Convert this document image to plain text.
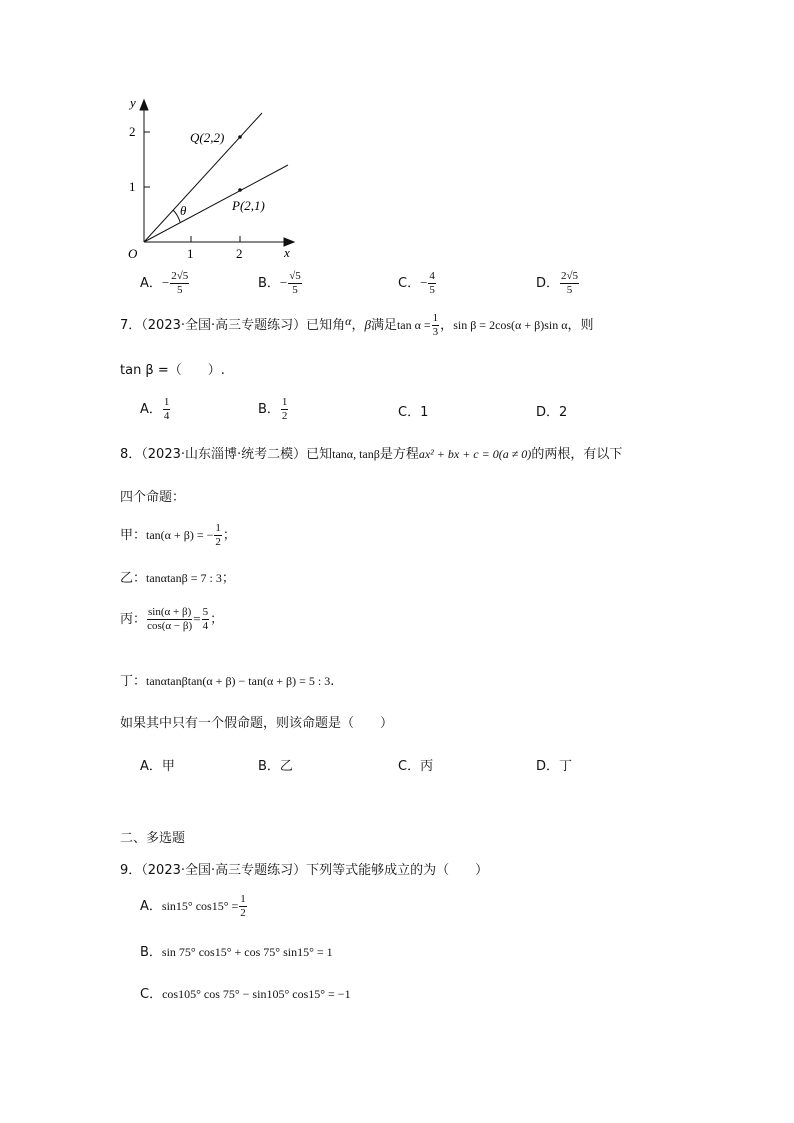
y
x
O
1
2
1	2
Q(2,2)
P(2,1)
θ
A．− $\frac{2√5}{5}$	B．− $\frac{√5}{5}$	C．− $\frac{4}{5}$	D． $\frac{2√5}{5}$
7．（2023·全国·高三专题练习）已知角α，β满足$\tan \alpha = \frac{1}{3}$ ，sin β = 2cos(α + β)sin α，则
tan β =（　　）.
A． $\frac{1}{4}$	B． $\frac{1}{2}$	C．1	D．2
8．（2023·山东淄博·统考二模）已知tanα, tanβ是方程ax² + bx + c = 0(a ≠ 0)的两根，有以下
四个命题：
甲：tan(α + β) = − $\frac{1}{2}$ ；
乙：tanαtanβ = 7 : 3；
丙： $\frac{\sin(\alpha + \beta)}{\cos(\alpha - \beta)} = \frac{5}{4}$ ；
丁：tanαtanβtan(α + β) − tan(α + β) = 5 : 3.
如果其中只有一个假命题，则该命题是（　　）
A．甲	B．乙	C．丙	D．丁
二、多选题
9．（2023·全国·高三专题练习）下列等式能够成立的为（　　）
A．sin15° $\cos 15^\circ = \frac{1}{2}$
B．sin 75° cos15° + cos 75° sin15° = 1
C．cos105° cos 75° − sin105° cos15° = −1
